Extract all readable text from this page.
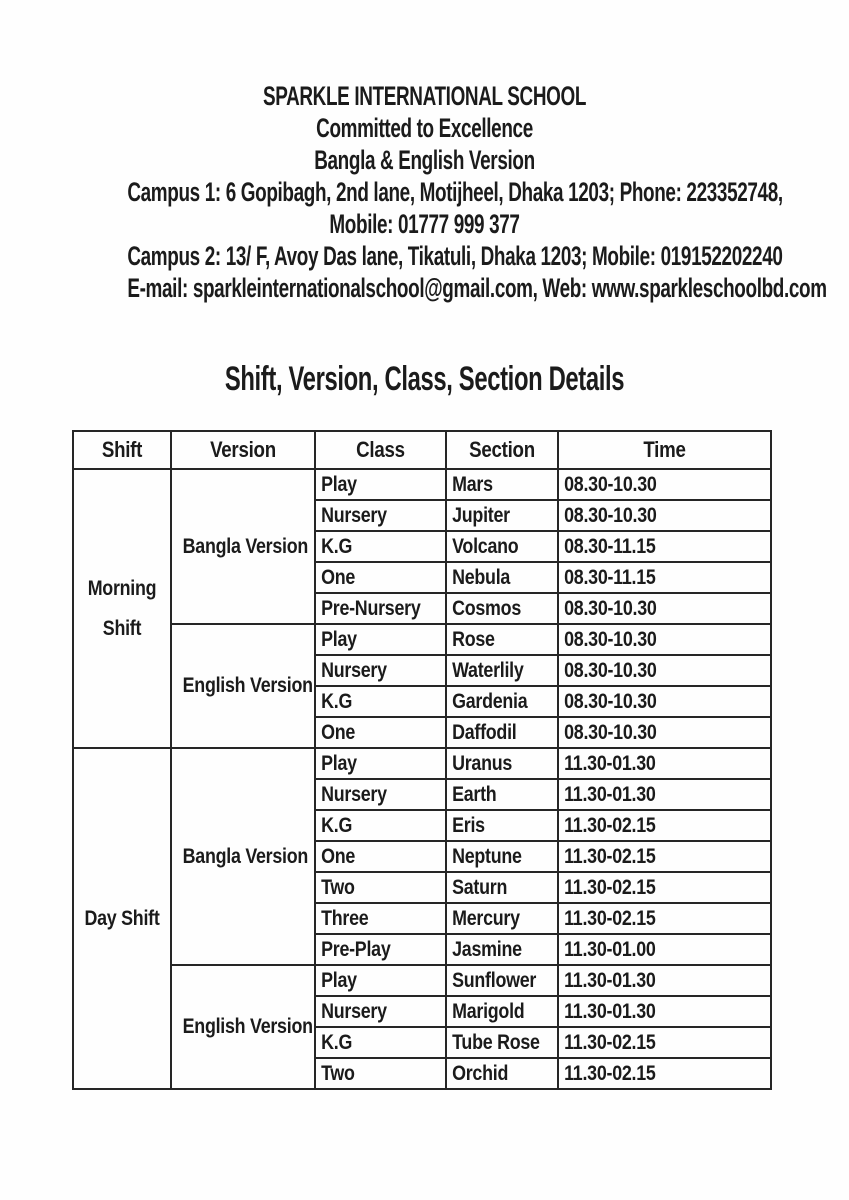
SPARKLE INTERNATIONAL SCHOOL
Committed to Excellence
Bangla & English Version
Campus 1: 6 Gopibagh, 2nd lane, Motijheel, Dhaka 1203; Phone: 223352748,
Mobile: 01777 999 377
Campus 2: 13/ F, Avoy Das lane, Tikatuli, Dhaka 1203; Mobile: 019152202240
E-mail: sparkleinternationalschool@gmail.com, Web: www.sparkleschoolbd.com
Shift, Version, Class, Section Details
Shift	Version	Class	Section	Time

Morning Shift	Bangla Version	Play	Mars	08.30-10.30

		Nursery	Jupiter	08.30-10.30

		K.G	Volcano	08.30-11.15

		One	Nebula	08.30-11.15

		Pre-Nursery	Cosmos	08.30-10.30

	English Version	Play	Rose	08.30-10.30

		Nursery	Waterlily	08.30-10.30

		K.G	Gardenia	08.30-10.30

		One	Daffodil	08.30-10.30

Day Shift	Bangla Version	Play	Uranus	11.30-01.30

		Nursery	Earth	11.30-01.30

		K.G	Eris	11.30-02.15

		One	Neptune	11.30-02.15

		Two	Saturn	11.30-02.15

		Three	Mercury	11.30-02.15

		Pre-Play	Jasmine	11.30-01.00

	English Version	Play	Sunflower	11.30-01.30

		Nursery	Marigold	11.30-01.30

		K.G	Tube Rose	11.30-02.15

		Two	Orchid	11.30-02.15
